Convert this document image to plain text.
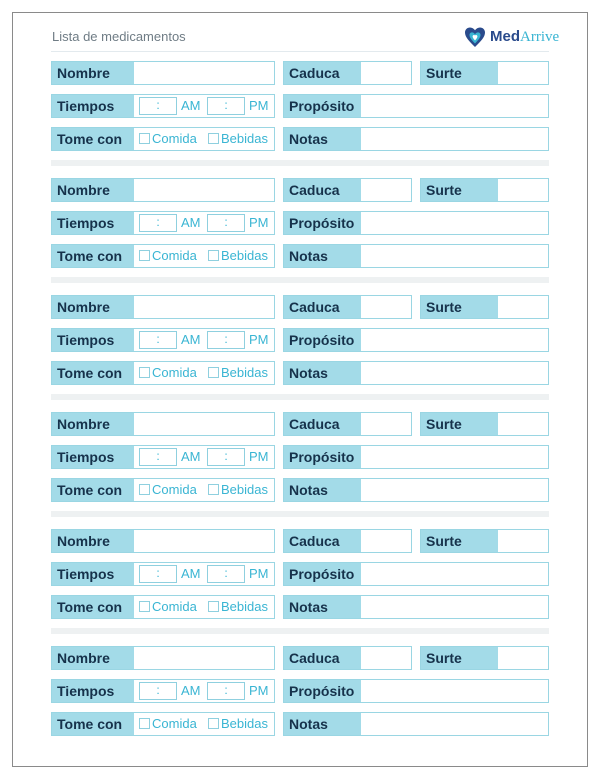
Lista de medicamentos	MedArrive
Nombre	Caduca	Surte
Tiempos	:	AM	:	PM	Propósito
Tome con	Comida Bebidas	Notas
Nombre	Caduca	Surte
Tiempos	:	AM	:	PM	Propósito
Tome con	Comida Bebidas	Notas
Nombre	Caduca	Surte
Tiempos	:	AM	:	PM	Propósito
Tome con	Comida Bebidas	Notas
Nombre	Caduca	Surte
Tiempos	:	AM	:	PM	Propósito
Tome con	Comida Bebidas	Notas
Nombre	Caduca	Surte
Tiempos	:	AM	:	PM	Propósito
Tome con	Comida Bebidas	Notas
Nombre	Caduca	Surte
Tiempos	:	AM	:	PM	Propósito
Tome con	Comida Bebidas	Notas
